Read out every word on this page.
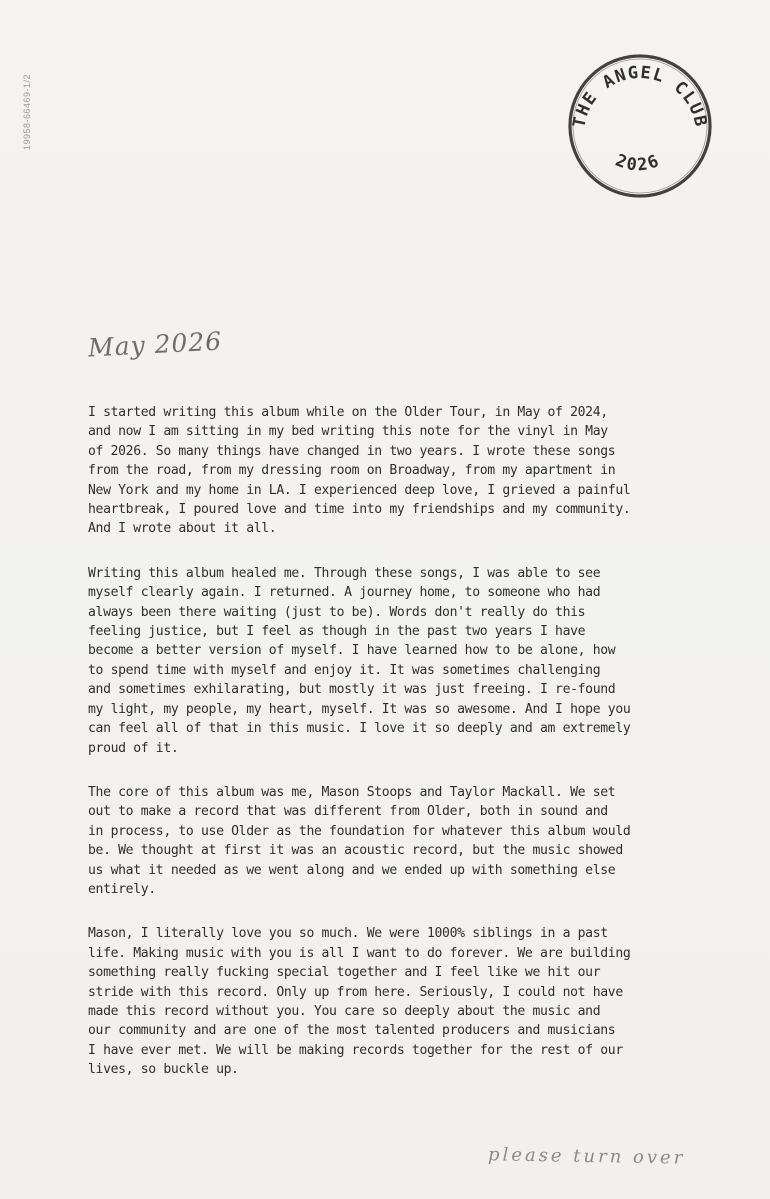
19958-66469-1/2	THE ANGEL CLUB
2026
May 2026

I started writing this album while on the Older Tour, in May of 2024,
and now I am sitting in my bed writing this note for the vinyl in May
of 2026. So many things have changed in two years. I wrote these songs
from the road, from my dressing room on Broadway, from my apartment in
New York and my home in LA. I experienced deep love, I grieved a painful
heartbreak, I poured love and time into my friendships and my community.
And I wrote about it all.

Writing this album healed me. Through these songs, I was able to see
myself clearly again. I returned. A journey home, to someone who had
always been there waiting (just to be). Words don't really do this
feeling justice, but I feel as though in the past two years I have
become a better version of myself. I have learned how to be alone, how
to spend time with myself and enjoy it. It was sometimes challenging
and sometimes exhilarating, but mostly it was just freeing. I re-found
my light, my people, my heart, myself. It was so awesome. And I hope you
can feel all of that in this music. I love it so deeply and am extremely
proud of it.

The core of this album was me, Mason Stoops and Taylor Mackall. We set
out to make a record that was different from Older, both in sound and
in process, to use Older as the foundation for whatever this album would
be. We thought at first it was an acoustic record, but the music showed
us what it needed as we went along and we ended up with something else
entirely.

Mason, I literally love you so much. We were 1000% siblings in a past
life. Making music with you is all I want to do forever. We are building
something really fucking special together and I feel like we hit our
stride with this record. Only up from here. Seriously, I could not have
made this record without you. You care so deeply about the music and
our community and are one of the most talented producers and musicians
I have ever met. We will be making records together for the rest of our
lives, so buckle up.

please turn over
